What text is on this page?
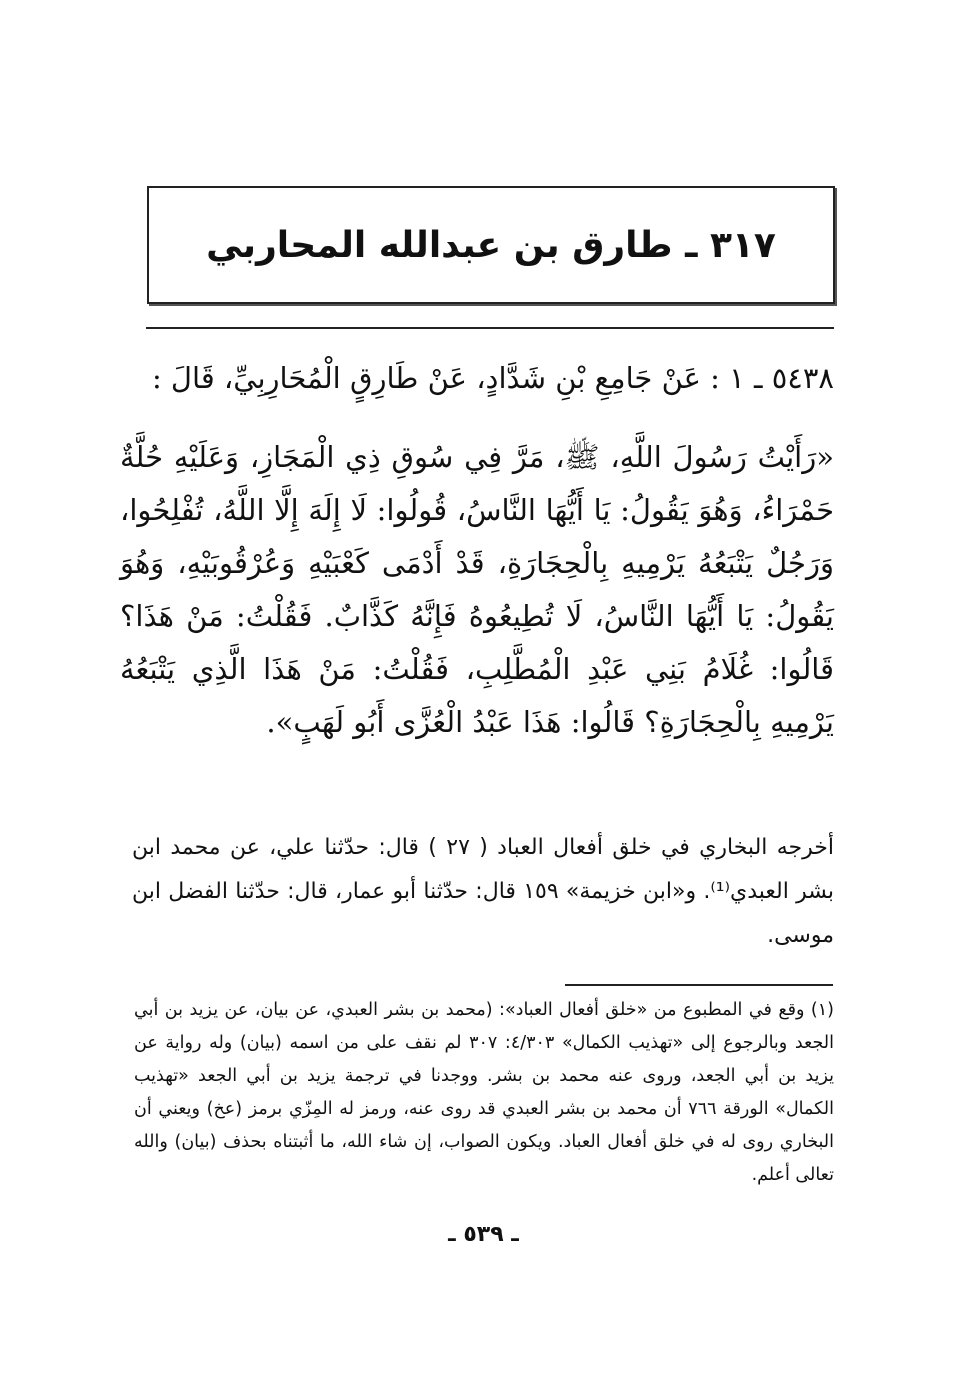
٣١٧ ـ طارق بن عبدالله المحاربي

٥٤٣٨ ـ ١ : عَنْ جَامِعِ بْنِ شَدَّادٍ، عَنْ طَارِقٍ الْمُحَارِبِيِّ، قَالَ :

«رَأَيْتُ رَسُولَ اللَّهِ، ﷺ، مَرَّ فِي سُوقِ ذِي الْمَجَازِ، وَعَلَيْهِ حُلَّةٌ حَمْرَاءُ، وَهُوَ يَقُولُ: يَا أَيُّهَا النَّاسُ، قُولُوا: لَا إِلَهَ إِلَّا اللَّهُ، تُفْلِحُوا، وَرَجُلٌ يَتْبَعُهُ يَرْمِيهِ بِالْحِجَارَةِ، قَدْ أَدْمَى كَعْبَيْهِ وَعُرْقُوبَيْهِ، وَهُوَ يَقُولُ: يَا أَيُّهَا النَّاسُ، لَا تُطِيعُوهُ فَإِنَّهُ كَذَّابٌ. فَقُلْتُ: مَنْ هَذَا؟ قَالُوا: غُلَامُ بَنِي عَبْدِ الْمُطَّلِبِ، فَقُلْتُ: مَنْ هَذَا الَّذِي يَتْبَعُهُ يَرْمِيهِ بِالْحِجَارَةِ؟ قَالُوا: هَذَا عَبْدُ الْعُزَّى أَبُو لَهَبٍ».

أخرجه البخاري في خلق أفعال العباد ( ٢٧ ) قال: حدّثنا علي، عن محمد ابن بشر العبدي⁽¹⁾. و«ابن خزيمة» ١٥٩ قال: حدّثنا أبو عمار، قال: حدّثنا الفضل ابن موسى.

(١) وقع في المطبوع من «خلق أفعال العباد»: (محمد بن بشر العبدي، عن بيان، عن يزيد بن أبي الجعد وبالرجوع إلى «تهذيب الكمال» ٤/٣٠٣: ٣٠٧ لم نقف على من اسمه (بيان) وله رواية عن يزيد بن أبي الجعد، وروى عنه محمد بن بشر. ووجدنا في ترجمة يزيد بن أبي الجعد «تهذيب الكمال» الورقة ٧٦٦ أن محمد بن بشر العبدي قد روى عنه، ورمز له المِزّي برمز (عخ) ويعني أن البخاري روى له في خلق أفعال العباد. ويكون الصواب، إن شاء الله، ما أثبتناه بحذف (بيان) والله تعالى أعلم.

ـ ٥٣٩ ـ
